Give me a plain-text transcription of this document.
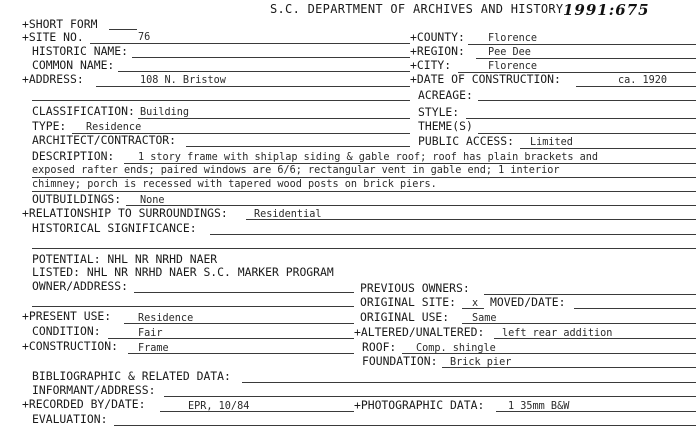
S.C. DEPARTMENT OF ARCHIVES AND HISTORY 1991:675
+SHORT FORM
+SITE NO.	76	+COUNTY: Florence
HISTORIC NAME:	+REGION: Pee Dee
COMMON NAME:	+CITY:	Florence
+ADDRESS:	108 N. Bristow	+DATE OF CONSTRUCTION:	ca. 1920
ACREAGE:
CLASSIFICATION: Building	STYLE:
TYPE: Residence	THEME(S)
ARCHITECT/CONTRACTOR:	PUBLIC ACCESS: Limited
DESCRIPTION: 1 story frame with shiplap siding & gable roof; roof has plain brackets and
exposed rafter ends; paired windows are 6/6; rectangular vent in gable end; 1 interior
chimney; porch is recessed with tapered wood posts on brick piers.
OUTBUILDINGS: None
+RELATIONSHIP TO SURROUNDINGS:	Residential
HISTORICAL SIGNIFICANCE:
POTENTIAL: NHL NR NRHD NAER
LISTED: NHL NR NRHD NAER S.C. MARKER PROGRAM
OWNER/ADDRESS:	PREVIOUS OWNERS:
ORIGINAL SITE: x MOVED/DATE:
+PRESENT USE:	Residence	ORIGINAL USE: Same
CONDITION:	Fair	+ALTERED/UNALTERED: left rear addition
+CONSTRUCTION: Frame	ROOF: Comp. shingle
FOUNDATION: Brick pier
BIBLIOGRAPHIC & RELATED DATA:
INFORMANT/ADDRESS:
+RECORDED BY/DATE:	EPR, 10/84	+PHOTOGRAPHIC DATA: 1 35mm B&W
EVALUATION:
